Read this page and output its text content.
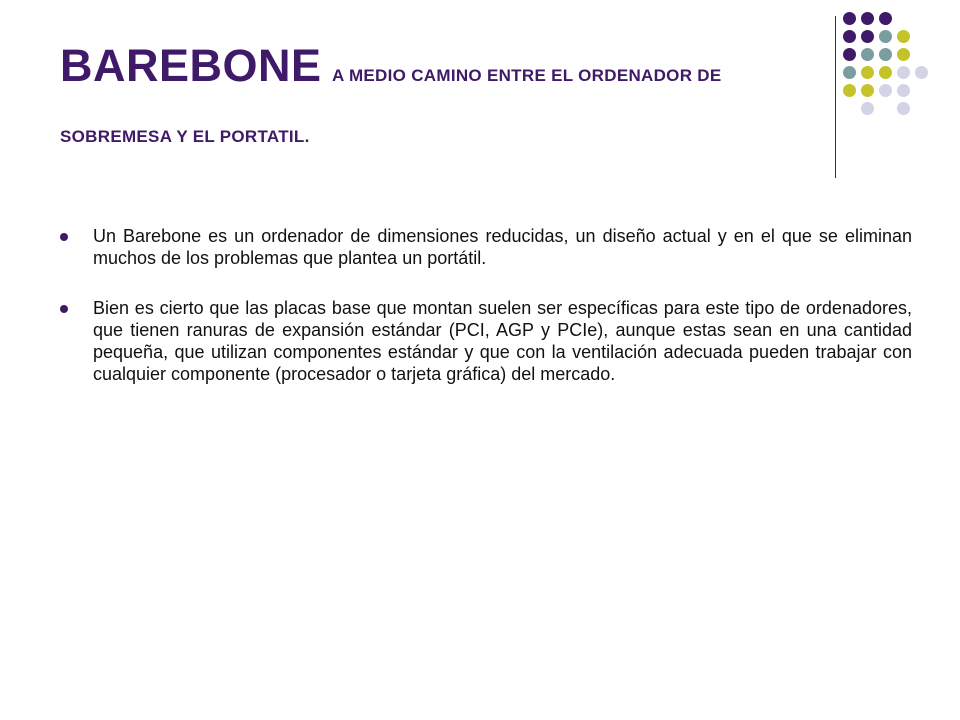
BAREBONE A MEDIO CAMINO ENTRE EL ORDENADOR DE
SOBREMESA Y EL PORTATIL.
Un Barebone es un ordenador de dimensiones reducidas, un diseño actual y en el que se eliminan muchos de los problemas que plantea un portátil.
Bien es cierto que las placas base que montan suelen ser específicas para este tipo de ordenadores, que tienen ranuras de expansión estándar (PCI, AGP y PCIe), aunque estas sean en una cantidad pequeña, que utilizan componentes estándar y que con la ventilación adecuada pueden trabajar con cualquier componente (procesador o tarjeta gráfica) del mercado.
